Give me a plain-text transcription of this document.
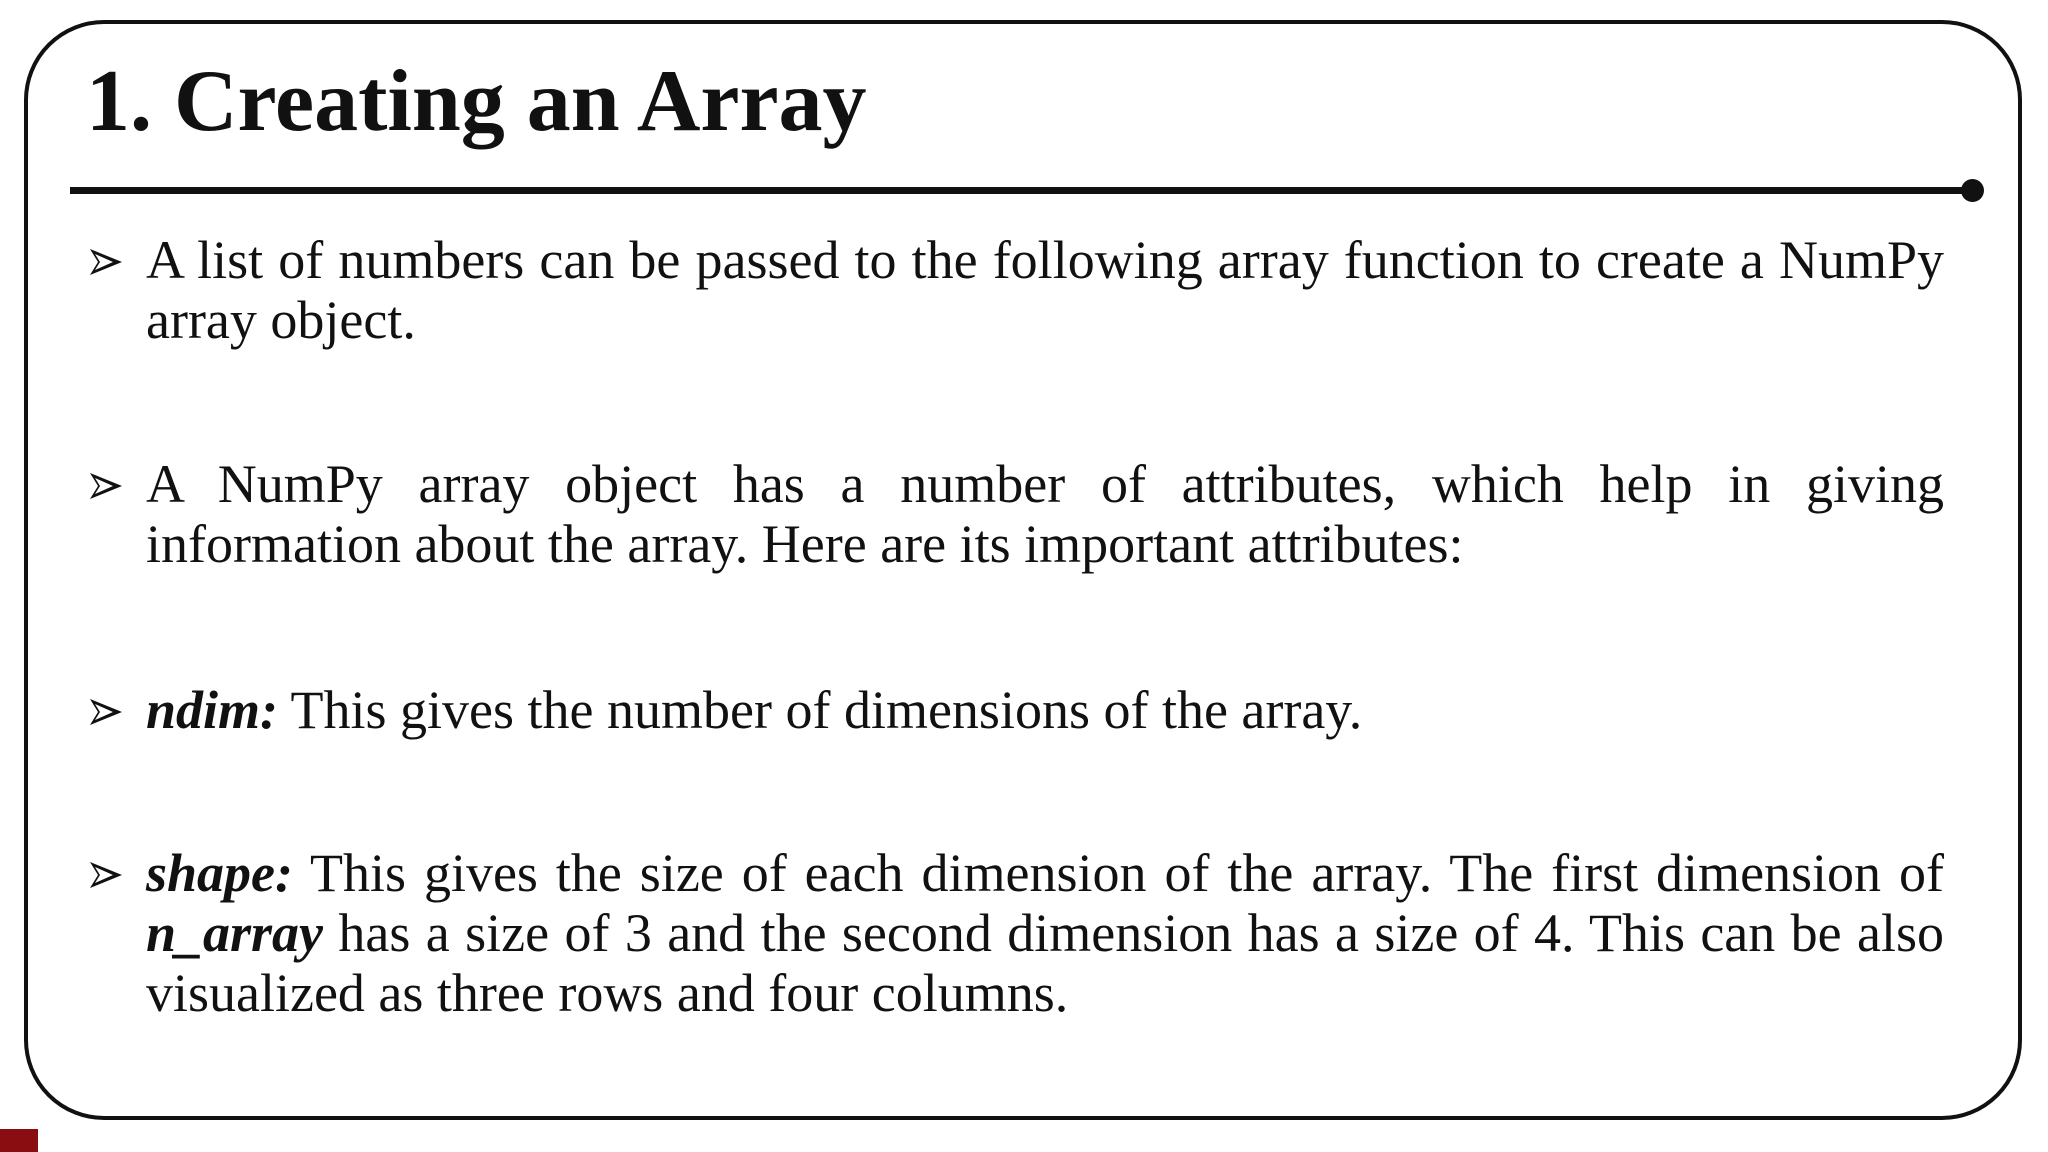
1. Creating an Array
A list of numbers can be passed to the following array function to create a NumPy array object.
A NumPy array object has a number of attributes, which help in giving information about the array. Here are its important attributes:
ndim: This gives the number of dimensions of the array.
shape: This gives the size of each dimension of the array. The first dimension of n_array has a size of 3 and the second dimension has a size of 4. This can be also visualized as three rows and four columns.
